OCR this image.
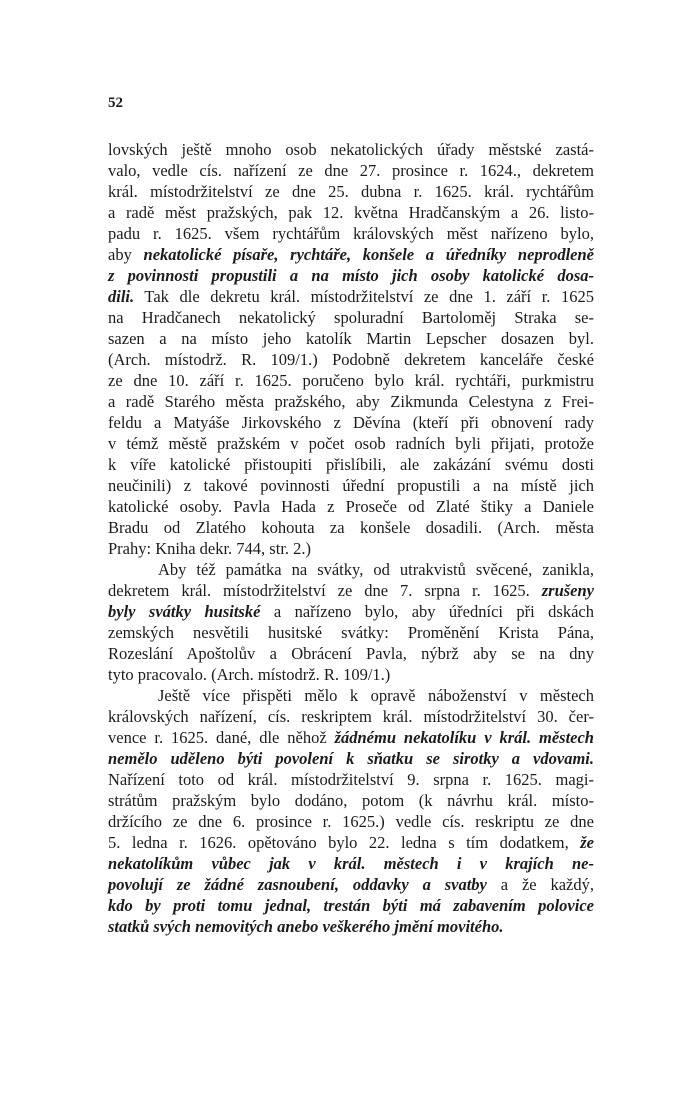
52
lovských ještě mnoho osob nekatolických úřady městské zastá-
valo, vedle cís. nařízení ze dne 27. prosince r. 1624., dekretem
král. místodržitelství ze dne 25. dubna r. 1625. král. rychtářům
a radě měst pražských, pak 12. května Hradčanským a 26. listo-
padu r. 1625. všem rychtářům královských měst nařízeno bylo,
aby nekatolické písaře, rychtáře, konšele a úředníky neprodleně
z povinnosti propustili a na místo jich osoby katolické dosa-
dili. Tak dle dekretu král. místodržitelství ze dne 1. září r. 1625
na Hradčanech nekatolický spoluradní Bartoloměj Straka se-
sazen a na místo jeho katolík Martin Lepscher dosazen byl.
(Arch. místodrž. R. 109/1.) Podobně dekretem kanceláře české
ze dne 10. září r. 1625. poručeno bylo král. rychtáři, purkmistru
a radě Starého města pražského, aby Zikmunda Celestyna z Frei-
feldu a Matyáše Jirkovského z Děvína (kteří při obnovení rady
v témž městě pražském v počet osob radních byli přijati, protože
k víře katolické přistoupiti přislíbili, ale zakázání svému dosti
neučinili) z takové povinnosti úřední propustili a na místě jich
katolické osoby. Pavla Hada z Proseče od Zlaté štiky a Daniele
Bradu od Zlatého kohouta za konšele dosadili. (Arch. města
Prahy: Kniha dekr. 744, str. 2.)
Aby též památka na svátky, od utrakvistů svěcené, zanikla,
dekretem král. místodržitelství ze dne 7. srpna r. 1625. zrušeny
byly svátky husitské a nařízeno bylo, aby úředníci při dskách
zemských nesvětili husitské svátky: Proměnění Krista Pána,
Rozeslání Apoštolův a Obrácení Pavla, nýbrž aby se na dny
tyto pracovalo. (Arch. místodrž. R. 109/1.)
Ještě více přispěti mělo k opravě náboženství v městech
královských nařízení, cís. reskriptem král. místodržitelství 30. čer-
vence r. 1625. dané, dle něhož žádnému nekatolíku v král. městech
nemělo uděleno býti povolení k sňatku se sirotky a vdovami.
Nařízení toto od král. místodržitelství 9. srpna r. 1625. magi-
strátům pražským bylo dodáno, potom (k návrhu král. místo-
držícího ze dne 6. prosince r. 1625.) vedle cís. reskriptu ze dne
5. ledna r. 1626. opětováno bylo 22. ledna s tím dodatkem, že
nekatolíkům vůbec jak v král. městech i v krajích ne-
povolují ze žádné zasnoubení, oddavky a svatby a že každý,
kdo by proti tomu jednal, trestán býti má zabavením polovice
statků svých nemovitých anebo veškerého jmění movitého.
